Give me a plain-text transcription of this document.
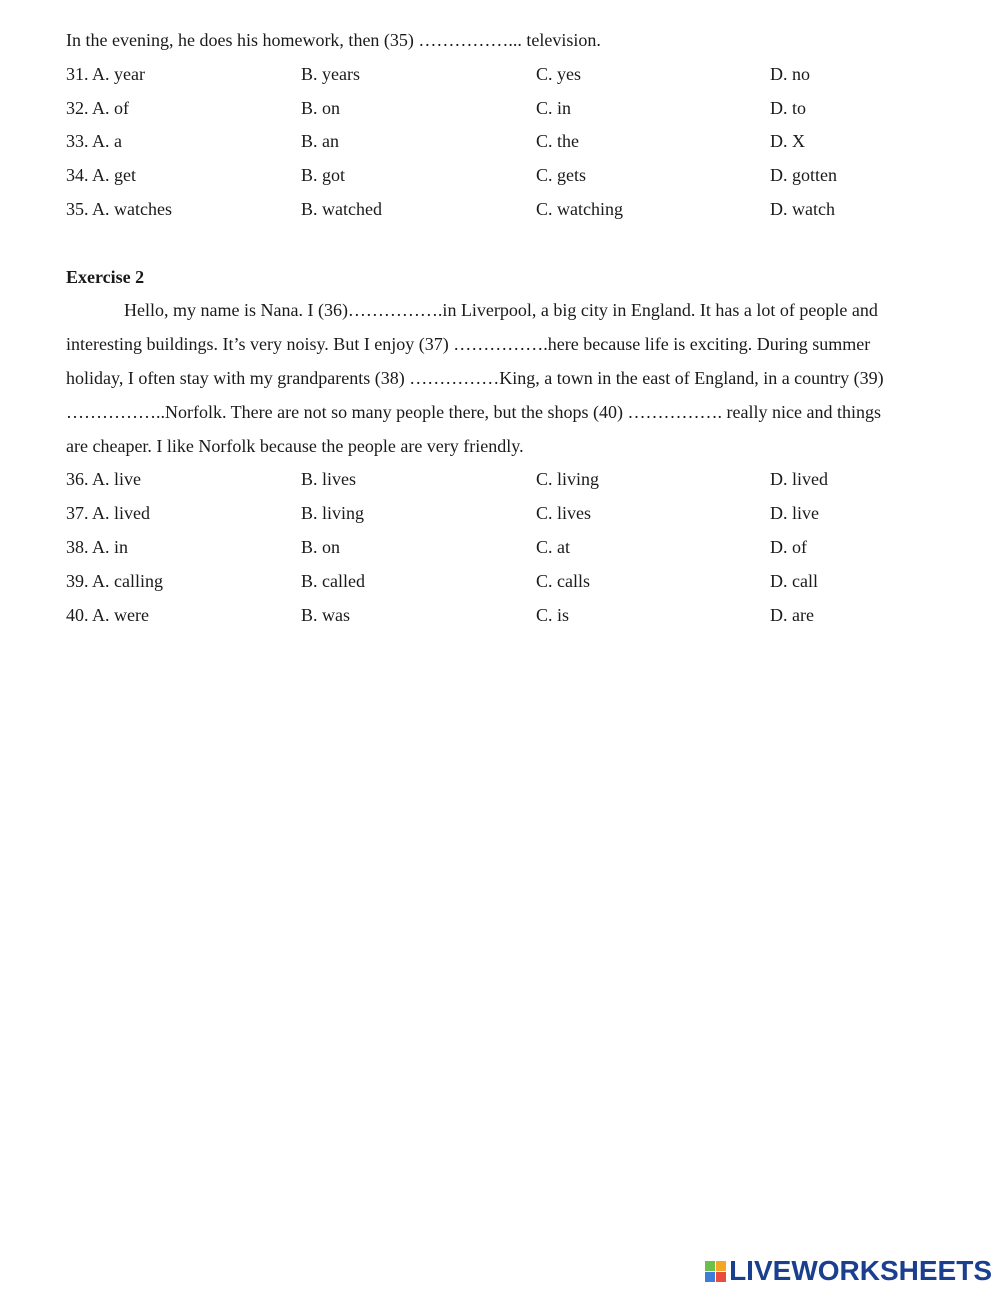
In the evening, he does his homework, then (35) ……………... television.
31. A. year	B. years	C. yes	D. no
32. A. of	B. on	C. in	D. to
33. A. a	B. an	C. the	D. X
34. A. get	B. got	C. gets	D. gotten
35. A. watches	B. watched	C. watching	D. watch
Exercise 2
Hello, my name is Nana. I (36)…………….in Liverpool, a big city in England. It has a lot of people and
interesting buildings. It’s very noisy. But I enjoy (37) …………….here because life is exciting. During summer
holiday, I often stay with my grandparents (38) ……………King, a town in the east of England, in a country (39)
……………..Norfolk. There are not so many people there, but the shops (40) ……………. really nice and things
are cheaper. I like Norfolk because the people are very friendly.
36. A. live	B. lives	C. living	D. lived
37. A. lived	B. living	C. lives	D. live
38. A. in	B. on	C. at	D. of
39. A. calling	B. called	C. calls	D. call
40. A. were	B. was	C. is	D. are
LIVEWORKSHEETS
